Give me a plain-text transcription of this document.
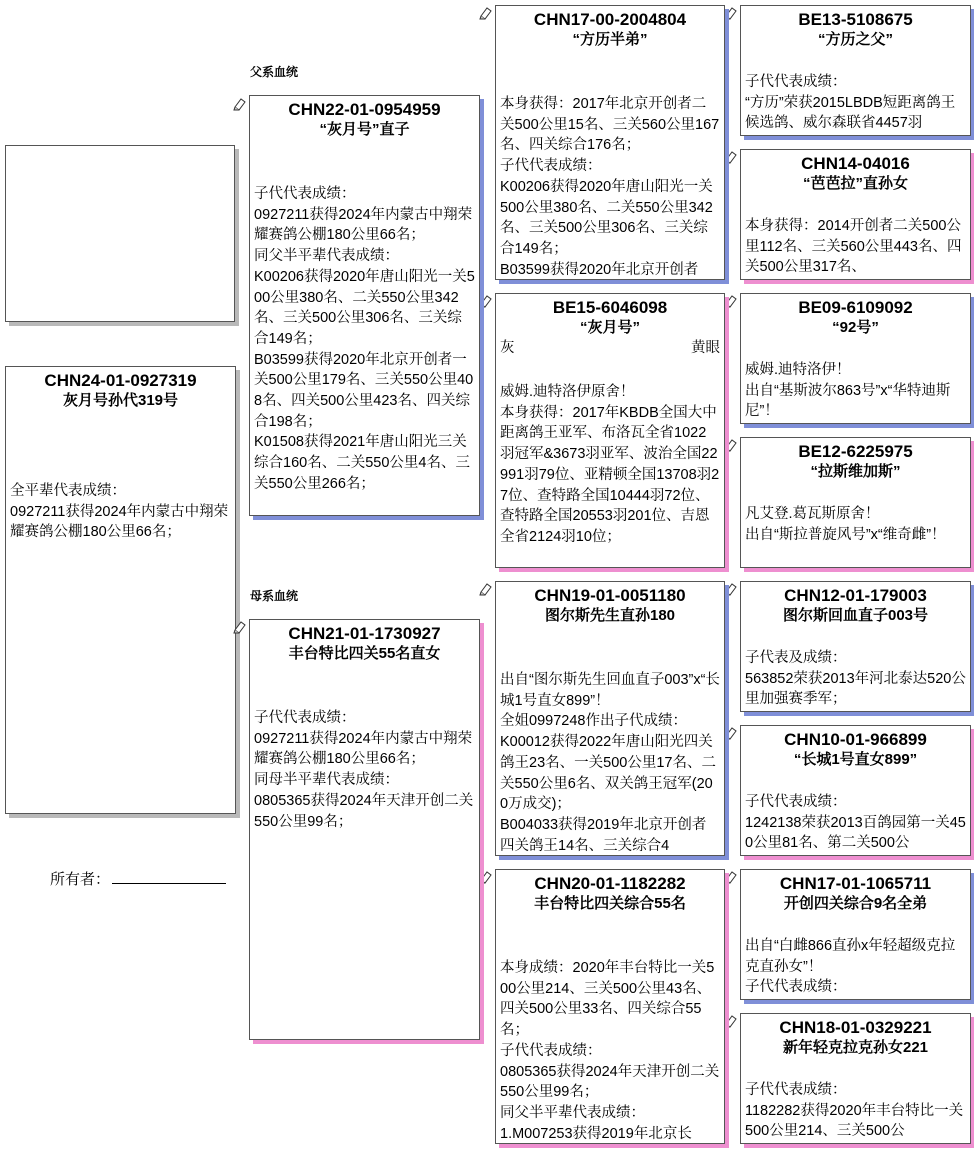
CHN24-01-0927319
灰月号孙代319号
全平辈代表成绩：
0927211获得2024年内蒙古中翔荣耀赛鸽公棚180公里66名；
所有者：
父系血统
母系血统
CHN22-01-0954959
“灰月号”直子
子代代表成绩：
0927211获得2024年内蒙古中翔荣耀赛鸽公棚180公里66名；
同父半平辈代表成绩：
K00206获得2020年唐山阳光一关500公里380名、二关550公里342名、三关500公里306名、三关综合149名；
B03599获得2020年北京开创者一关500公里179名、三关550公里408名、四关500公里423名、四关综合198名；
K01508获得2021年唐山阳光三关综合160名、二关550公里4名、三关550公里266名；
CHN21-01-1730927
丰台特比四关55名直女
子代代表成绩：
0927211获得2024年内蒙古中翔荣耀赛鸽公棚180公里66名；
同母半平辈代表成绩：
0805365获得2024年天津开创二关550公里99名；
CHN17-00-2004804
“方历半弟”
本身获得：2017年北京开创者二关500公里15名、三关560公里167名、四关综合176名；
子代代表成绩：
K00206获得2020年唐山阳光一关500公里380名、二关550公里342名、三关500公里306名、三关综合149名；
B03599获得2020年北京开创者
BE15-6046098
“灰月号”
灰	黄眼
威姆.迪特洛伊原舍！
本身获得：2017年KBDB全国大中距离鸽王亚军、布洛瓦全省1022羽冠军&3673羽亚军、波治全国22991羽79位、亚精顿全国13708羽27位、查特路全国10444羽72位、查特路全国20553羽201位、吉恩全省2124羽10位；
CHN19-01-0051180
图尔斯先生直孙180
出自“图尔斯先生回血直子003”x“长城1号直女899”！
全姐0997248作出子代成绩：
K00012获得2022年唐山阳光四关鸽王23名、一关500公里17名、二关550公里6名、双关鸽王冠军(200万成交)；
B004033获得2019年北京开创者四关鸽王14名、三关综合4
CHN20-01-1182282
丰台特比四关综合55名
本身成绩：2020年丰台特比一关500公里214、三关500公里43名、四关500公里33名、四关综合55名；
子代代表成绩：
0805365获得2024年天津开创二关550公里99名；
同父半平辈代表成绩：
1.M007253获得2019年北京长
BE13-5108675
“方历之父”
子代代表成绩：
“方历”荣获2015LBDB短距离鸽王候选鸽、威尔森联省4457羽
CHN14-04016
“芭芭拉”直孙女
本身获得：2014开创者二关500公里112名、三关560公里443名、四关500公里317名、
BE09-6109092
“92号”
威姆.迪特洛伊！
出自“基斯波尔863号”x“华特迪斯尼”！
BE12-6225975
“拉斯维加斯”
凡艾登.葛瓦斯原舍！
出自“斯拉普旋风号”x“维奇雌”！
CHN12-01-179003
图尔斯回血直子003号
子代表及成绩：
563852荣获2013年河北泰达520公里加强赛季军；
CHN10-01-966899
“长城1号直女899”
子代代表成绩：
1242138荣获2013百鸽园第一关450公里81名、第二关500公
CHN17-01-1065711
开创四关综合9名全弟
出自“白雌866直孙x年轻超级克拉克直孙女”！
子代代表成绩：
CHN18-01-0329221
新年轻克拉克孙女221
子代代表成绩：
1182282获得2020年丰台特比一关500公里214、三关500公
